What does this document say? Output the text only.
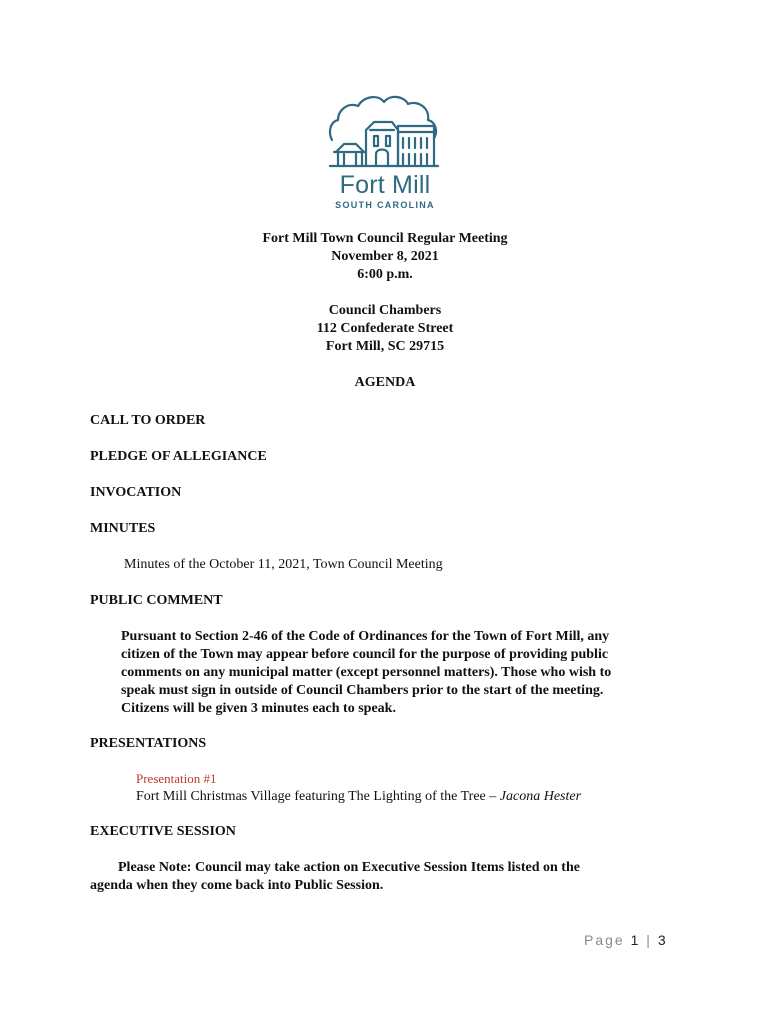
Fort Mill
SOUTH CAROLINA
Fort Mill Town Council Regular Meeting
November 8, 2021
6:00 p.m.
Council Chambers
112 Confederate Street
Fort Mill, SC 29715
AGENDA
CALL TO ORDER
PLEDGE OF ALLEGIANCE
INVOCATION
MINUTES
Minutes of the October 11, 2021, Town Council Meeting
PUBLIC COMMENT
Pursuant to Section 2-46 of the Code of Ordinances for the Town of Fort Mill, any
citizen of the Town may appear before council for the purpose of providing public
comments on any municipal matter (except personnel matters). Those who wish to
speak must sign in outside of Council Chambers prior to the start of the meeting.
Citizens will be given 3 minutes each to speak.
PRESENTATIONS
Presentation #1
Fort Mill Christmas Village featuring The Lighting of the Tree – Jacona Hester
EXECUTIVE SESSION
Please Note: Council may take action on Executive Session Items listed on the
agenda when they come back into Public Session.
Page 1 | 3
